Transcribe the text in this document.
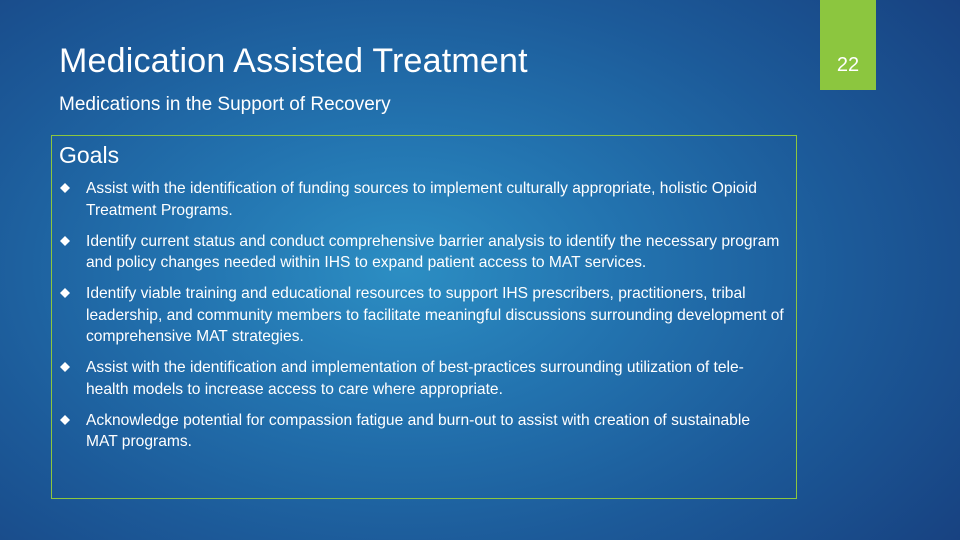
Medication Assisted Treatment
Medications in the Support of Recovery
22
Goals
Assist with the identification of funding sources to implement culturally appropriate, holistic Opioid Treatment Programs.
Identify current status and conduct comprehensive barrier analysis to identify the necessary program and policy changes needed within IHS to expand patient access to MAT services.
Identify viable training and educational resources to support IHS prescribers, practitioners, tribal leadership, and community members to facilitate meaningful discussions surrounding development of comprehensive MAT strategies.
Assist with the identification and implementation of best-practices surrounding utilization of tele-health models to increase access to care where appropriate.
Acknowledge potential for compassion fatigue and burn-out to assist with creation of sustainable MAT programs.
